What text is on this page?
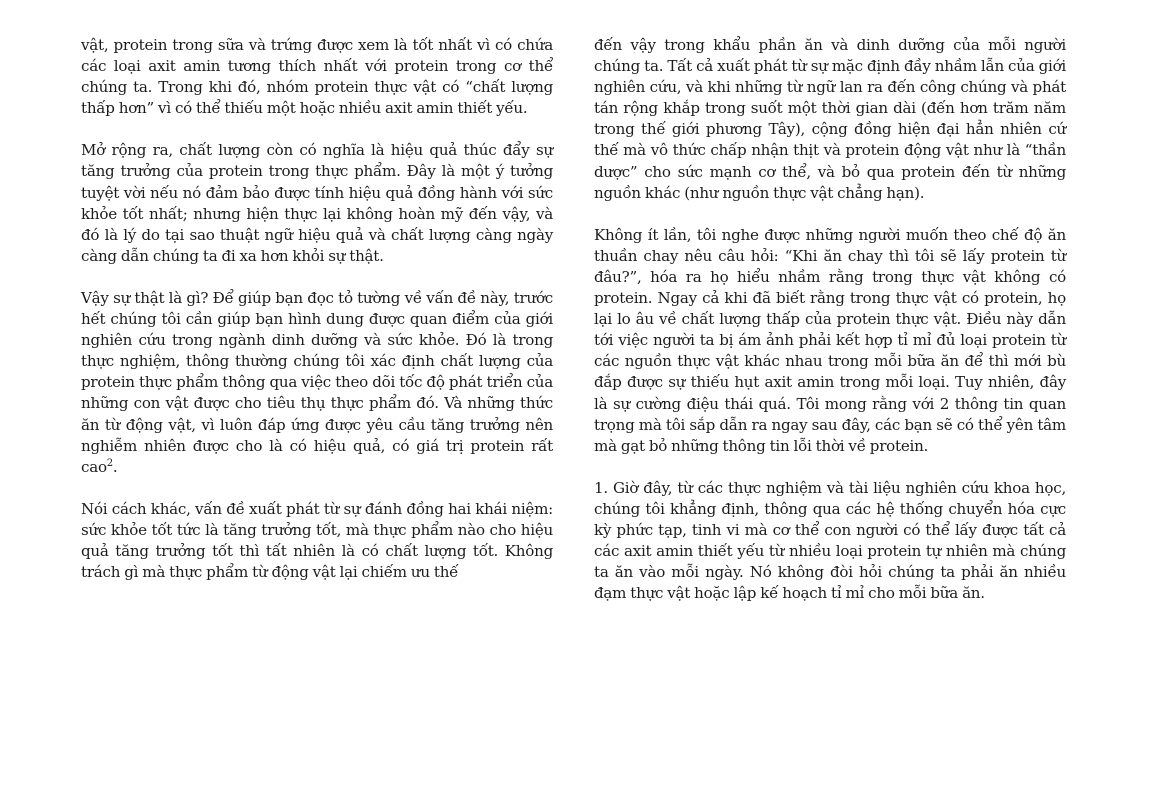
vật, protein trong sữa và trứng được xem là tốt nhất vì có chứa các loại axit amin tương thích nhất với protein trong cơ thể chúng ta. Trong khi đó, nhóm protein thực vật có “chất lượng thấp hơn” vì có thể thiếu một hoặc nhiều axit amin thiết yếu.

Mở rộng ra, chất lượng còn có nghĩa là hiệu quả thúc đẩy sự tăng trưởng của protein trong thực phẩm. Đây là một ý tưởng tuyệt vời nếu nó đảm bảo được tính hiệu quả đồng hành với sức khỏe tốt nhất; nhưng hiện thực lại không hoàn mỹ đến vậy, và đó là lý do tại sao thuật ngữ hiệu quả và chất lượng càng ngày càng dẫn chúng ta đi xa hơn khỏi sự thật.

Vậy sự thật là gì? Để giúp bạn đọc tỏ tường về vấn đề này, trước hết chúng tôi cần giúp bạn hình dung được quan điểm của giới nghiên cứu trong ngành dinh dưỡng và sức khỏe. Đó là trong thực nghiệm, thông thường chúng tôi xác định chất lượng của protein thực phẩm thông qua việc theo dõi tốc độ phát triển của những con vật được cho tiêu thụ thực phẩm đó. Và những thức ăn từ động vật, vì luôn đáp ứng được yêu cầu tăng trưởng nên nghiễm nhiên được cho là có hiệu quả, có giá trị protein rất cao$^2$.

Nói cách khác, vấn đề xuất phát từ sự đánh đồng hai khái niệm: sức khỏe tốt tức là tăng trưởng tốt, mà thực phẩm nào cho hiệu quả tăng trưởng tốt thì tất nhiên là có chất lượng tốt. Không trách gì mà thực phẩm từ động vật lại chiếm ưu thế

đến vậy trong khẩu phần ăn và dinh dưỡng của mỗi người chúng ta. Tất cả xuất phát từ sự mặc định đầy nhầm lẫn của giới nghiên cứu, và khi những từ ngữ lan ra đến công chúng và phát tán rộng khắp trong suốt một thời gian dài (đến hơn trăm năm trong thế giới phương Tây), cộng đồng hiện đại hẳn nhiên cứ thế mà vô thức chấp nhận thịt và protein động vật như là “thần dược” cho sức mạnh cơ thể, và bỏ qua protein đến từ những nguồn khác (như nguồn thực vật chẳng hạn).

Không ít lần, tôi nghe được những người muốn theo chế độ ăn thuần chay nêu câu hỏi: “Khi ăn chay thì tôi sẽ lấy protein từ đâu?”, hóa ra họ hiểu nhầm rằng trong thực vật không có protein. Ngay cả khi đã biết rằng trong thực vật có protein, họ lại lo âu về chất lượng thấp của protein thực vật. Điều này dẫn tới việc người ta bị ám ảnh phải kết hợp tỉ mỉ đủ loại protein từ các nguồn thực vật khác nhau trong mỗi bữa ăn để thì mới bù đắp được sự thiếu hụt axit amin trong mỗi loại. Tuy nhiên, đây là sự cường điệu thái quá. Tôi mong rằng với 2 thông tin quan trọng mà tôi sắp dẫn ra ngay sau đây, các bạn sẽ có thể yên tâm mà gạt bỏ những thông tin lỗi thời về protein.

1. Giờ đây, từ các thực nghiệm và tài liệu nghiên cứu khoa học, chúng tôi khẳng định, thông qua các hệ thống chuyển hóa cực kỳ phức tạp, tinh vi mà cơ thể con người có thể lấy được tất cả các axit amin thiết yếu từ nhiều loại protein tự nhiên mà chúng ta ăn vào mỗi ngày. Nó không đòi hỏi chúng ta phải ăn nhiều đạm thực vật hoặc lập kế hoạch tỉ mỉ cho mỗi bữa ăn.
